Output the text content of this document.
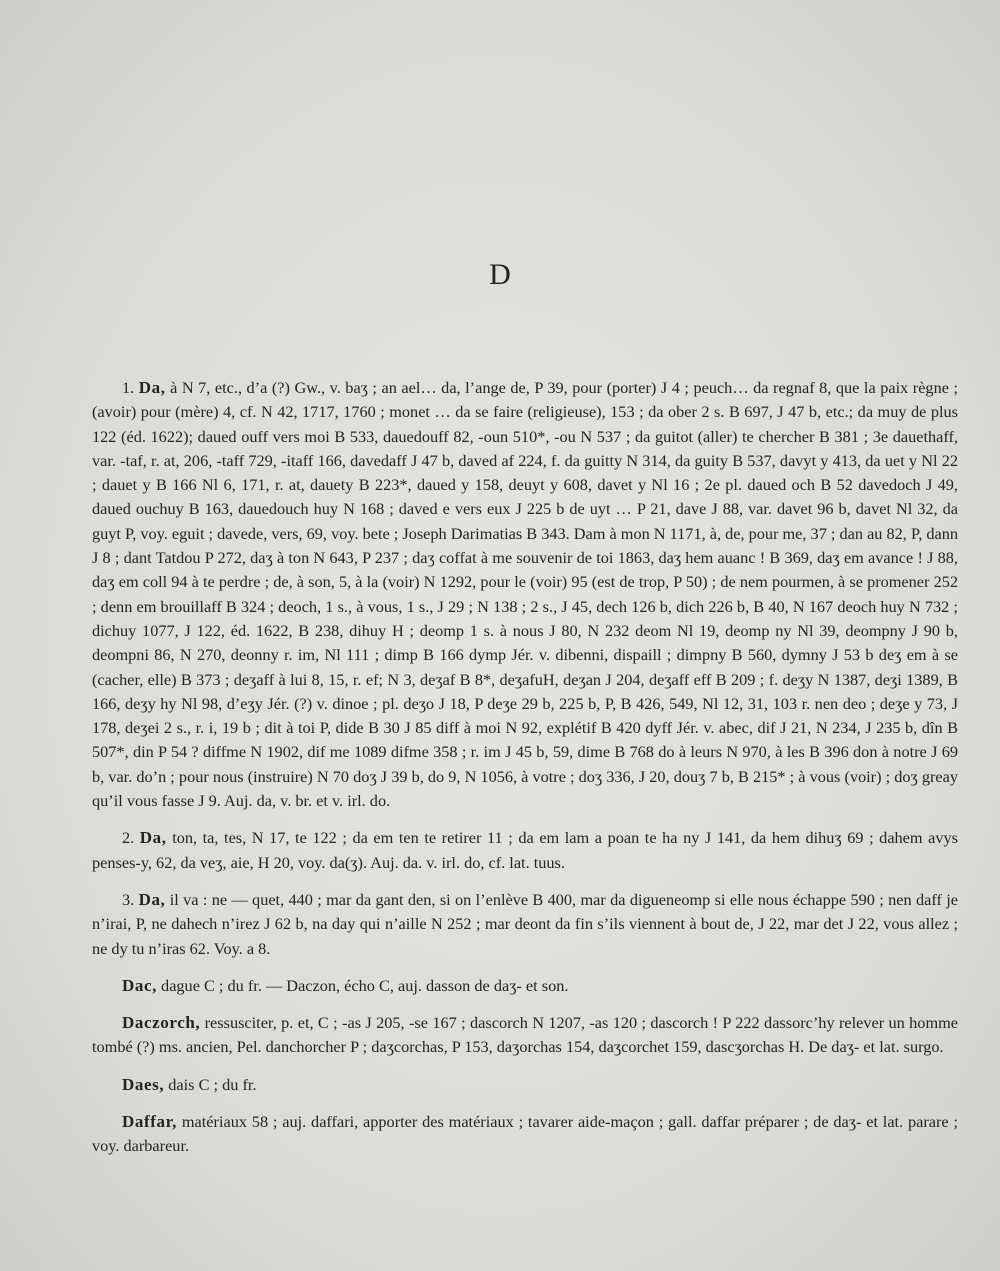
D

1. Da, à N 7, etc., d’a (?) Gw., v. baʒ ; an ael… da, l’ange de, P 39, pour (porter) J 4 ; peuch… da regnaf 8, que la paix règne ; (avoir) pour (mère) 4, cf. N 42, 1717, 1760 ; monet … da se faire (religieuse), 153 ; da ober 2 s. B 697, J 47 b, etc.; da muy de plus 122 (éd. 1622); daued ouff vers moi B 533, dauedouff 82, -oun 510*, -ou N 537 ; da guitot (aller) te chercher B 381 ; 3e dauethaff, var. -taf, r. at, 206, -taff 729, -itaff 166, davedaff J 47 b, daved af 224, f. da guitty N 314, da guity B 537, davyt y 413, da uet y Nl 22 ; dauet y B 166 Nl 6, 171, r. at, dauety B 223*, daued y 158, deuyt y 608, davet y Nl 16 ; 2e pl. daued och B 52 davedoch J 49, daued ouchuy B 163, dauedouch huy N 168 ; daved e vers eux J 225 b de uyt … P 21, dave J 88, var. davet 96 b, davet Nl 32, da guyt P, voy. eguit ; davede, vers, 69, voy. bete ; Joseph Darimatias B 343. Dam à mon N 1171, à, de, pour me, 37 ; dan au 82, P, dann J 8 ; dant Tatdou P 272, daʒ à ton N 643, P 237 ; daʒ coffat à me souvenir de toi 1863, daʒ hem auanc ! B 369, daʒ em avance ! J 88, daʒ em coll 94 à te perdre ; de, à son, 5, à la (voir) N 1292, pour le (voir) 95 (est de trop, P 50) ; de nem pourmen, à se promener 252 ; denn em brouillaff B 324 ; deoch, 1 s., à vous, 1 s., J 29 ; N 138 ; 2 s., J 45, dech 126 b, dich 226 b, B 40, N 167 deoch huy N 732 ; dichuy 1077, J 122, éd. 1622, B 238, dihuy H ; deomp 1 s. à nous J 80, N 232 deom Nl 19, deomp ny Nl 39, deompny J 90 b, deompni 86, N 270, deonny r. im, Nl 111 ; dimp B 166 dymp Jér. v. dibenni, dispaill ; dimpny B 560, dymny J 53 b deʒ em à se (cacher, elle) B 373 ; deʒaff à lui 8, 15, r. ef; N 3, deʒaf B 8*, deʒafuH, deʒan J 204, deʒaff eff B 209 ; f. deʒy N 1387, deʒi 1389, B 166, deʒy hy Nl 98, d’eʒy Jér. (?) v. dinoe ; pl. deʒo J 18, P deʒe 29 b, 225 b, P, B 426, 549, Nl 12, 31, 103 r. nen deo ; deʒe y 73, J 178, deʒei 2 s., r. i, 19 b ; dit à toi P, dide B 30 J 85 diff à moi N 92, explétif B 420 dyff Jér. v. abec, dif J 21, N 234, J 235 b, dîn B 507*, din P 54 ? diffme N 1902, dif me 1089 difme 358 ; r. im J 45 b, 59, dime B 768 do à leurs N 970, à les B 396 don à notre J 69 b, var. do’n ; pour nous (instruire) N 70 doʒ J 39 b, do 9, N 1056, à votre ; doʒ 336, J 20, douʒ 7 b, B 215* ; à vous (voir) ; doʒ greay qu’il vous fasse J 9. Auj. da, v. br. et v. irl. do.

2. Da, ton, ta, tes, N 17, te 122 ; da em ten te retirer 11 ; da em lam a poan te ha ny J 141, da hem dihuʒ 69 ; dahem avys penses-y, 62, da veʒ, aie, H 20, voy. da(ʒ). Auj. da. v. irl. do, cf. lat. tuus.

3. Da, il va : ne — quet, 440 ; mar da gant den, si on l’enlève B 400, mar da digueneomp si elle nous échappe 590 ; nen daff je n’irai, P, ne dahech n’irez J 62 b, na day qui n’aille N 252 ; mar deont da fin s’ils viennent à bout de, J 22, mar det J 22, vous allez ; ne dy tu n’iras 62. Voy. a 8.

Dac, dague C ; du fr. — Daczon, écho C, auj. dasson de daʒ- et son.

Daczorch, ressusciter, p. et, C ; -as J 205, -se 167 ; dascorch N 1207, -as 120 ; dascorch ! P 222 dassorc’hy relever un homme tombé (?) ms. ancien, Pel. danchorcher P ; daʒcorchas, P 153, daʒorchas 154, daʒcorchet 159, dascʒorchas H. De daʒ- et lat. surgo.

Daes, dais C ; du fr.

Daffar, matériaux 58 ; auj. daffari, apporter des matériaux ; tavarer aide-maçon ; gall. daffar préparer ; de daʒ- et lat. parare ; voy. darbareur.
